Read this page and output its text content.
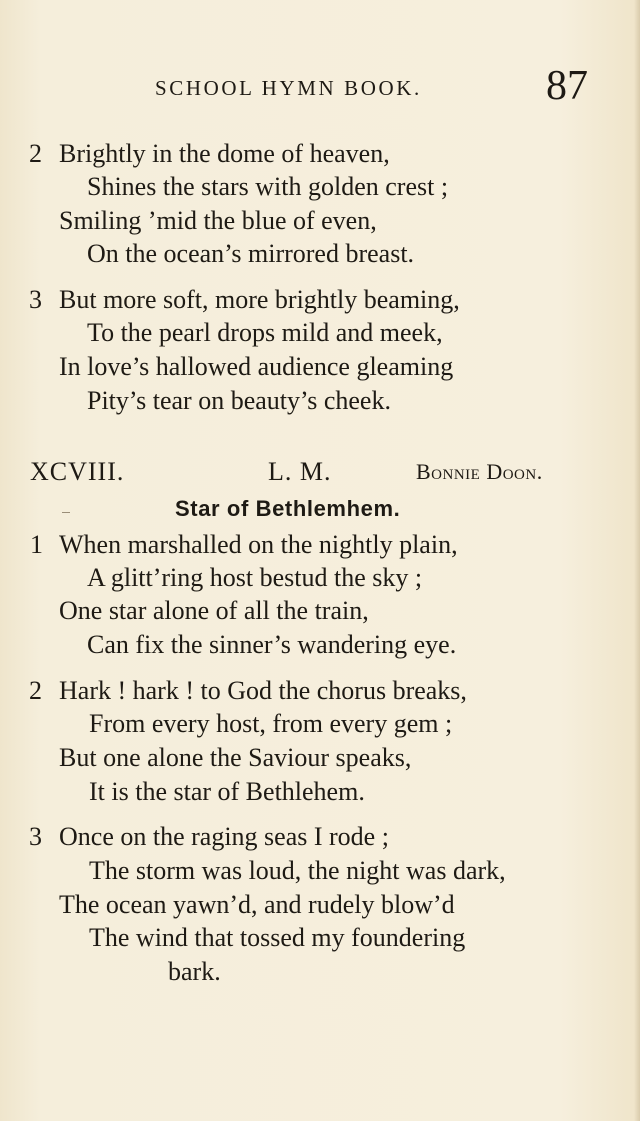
SCHOOL HYMN BOOK.	87
2 Brightly in the dome of heaven,
Shines the stars with golden crest ;
Smiling ’mid the blue of even,
On the ocean’s mirrored breast.
3 But more soft, more brightly beaming,
To the pearl drops mild and meek,
In love’s hallowed audience gleaming
Pity’s tear on beauty’s cheek.
XCVIII.	L. M.	Bonnie Doon.
Star of Bethlemhem.
1 When marshalled on the nightly plain,
A glitt’ring host bestud the sky ;
One star alone of all the train,
Can fix the sinner’s wandering eye.
2 Hark ! hark ! to God the chorus breaks,
From every host, from every gem ;
But one alone the Saviour speaks,
It is the star of Bethlehem.
3 Once on the raging seas I rode ;
The storm was loud, the night was dark,
The ocean yawn’d, and rudely blow’d
The wind that tossed my foundering
bark.
